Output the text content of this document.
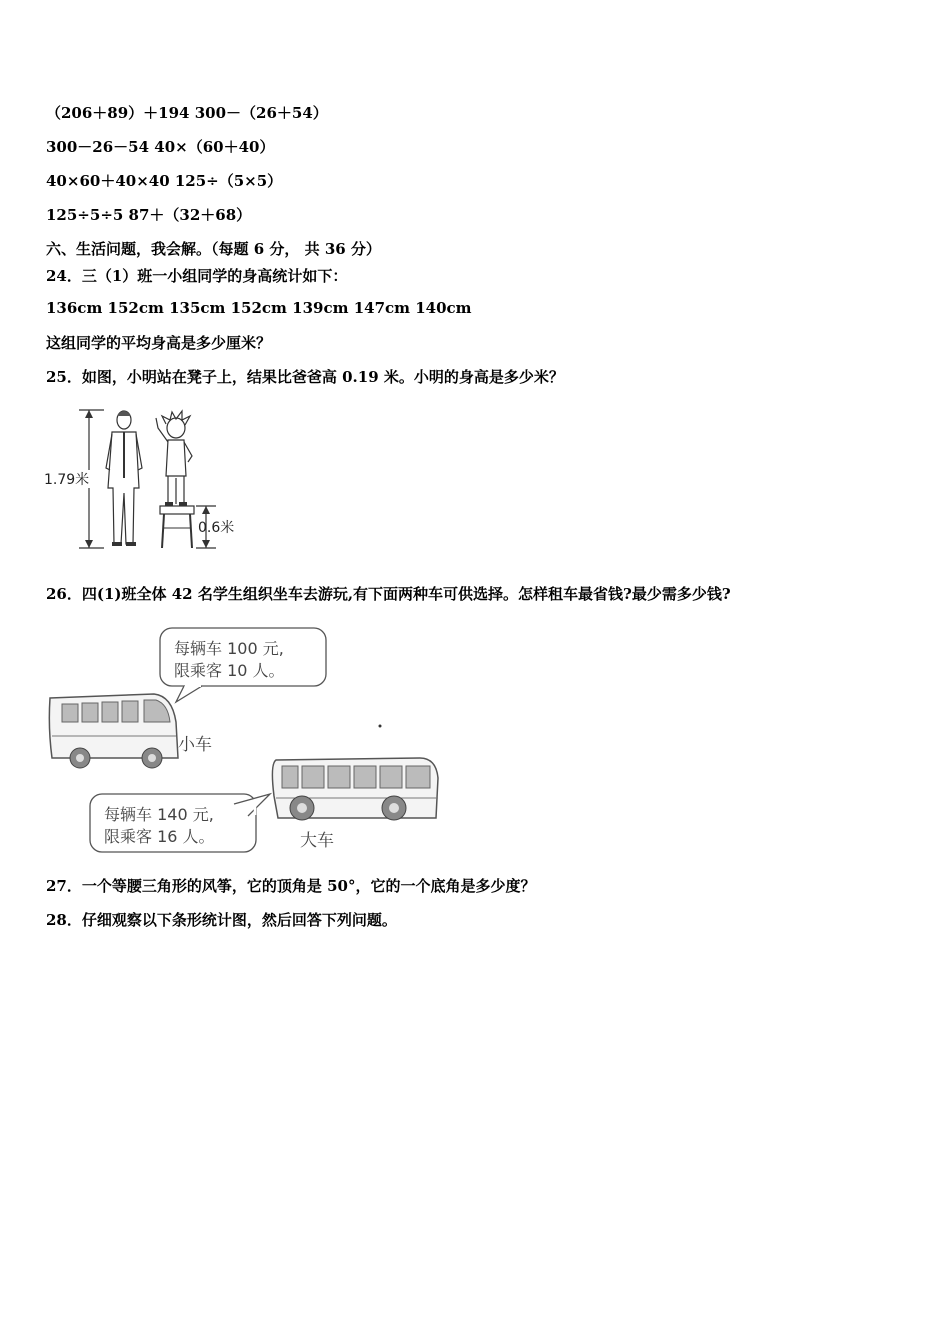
（206＋89）＋194 300－（26＋54）
300－26－54 40×（60＋40）
40×60＋40×40 125÷（5×5）
125÷5÷5 87＋（32＋68）
六、生活问题，我会解。（每题 6 分， 共 36 分）
24．三（1）班一小组同学的身高统计如下：
136cm 152cm 135cm 152cm 139cm 147cm 140cm
这组同学的平均身高是多少厘米？
25．如图，小明站在凳子上，结果比爸爸高 0.19 米。小明的身高是多少米？
1.79米
0.6米
26．四(1)班全体 42 名学生组织坐车去游玩,有下面两种车可供选择。怎样租车最省钱?最少需多少钱?
每辆车 100 元,
限乘客 10 人。
小车
大车
每辆车 140 元,
限乘客 16 人。
27．一个等腰三角形的风筝，它的顶角是 50°，它的一个底角是多少度？
28．仔细观察以下条形统计图，然后回答下列问题。
